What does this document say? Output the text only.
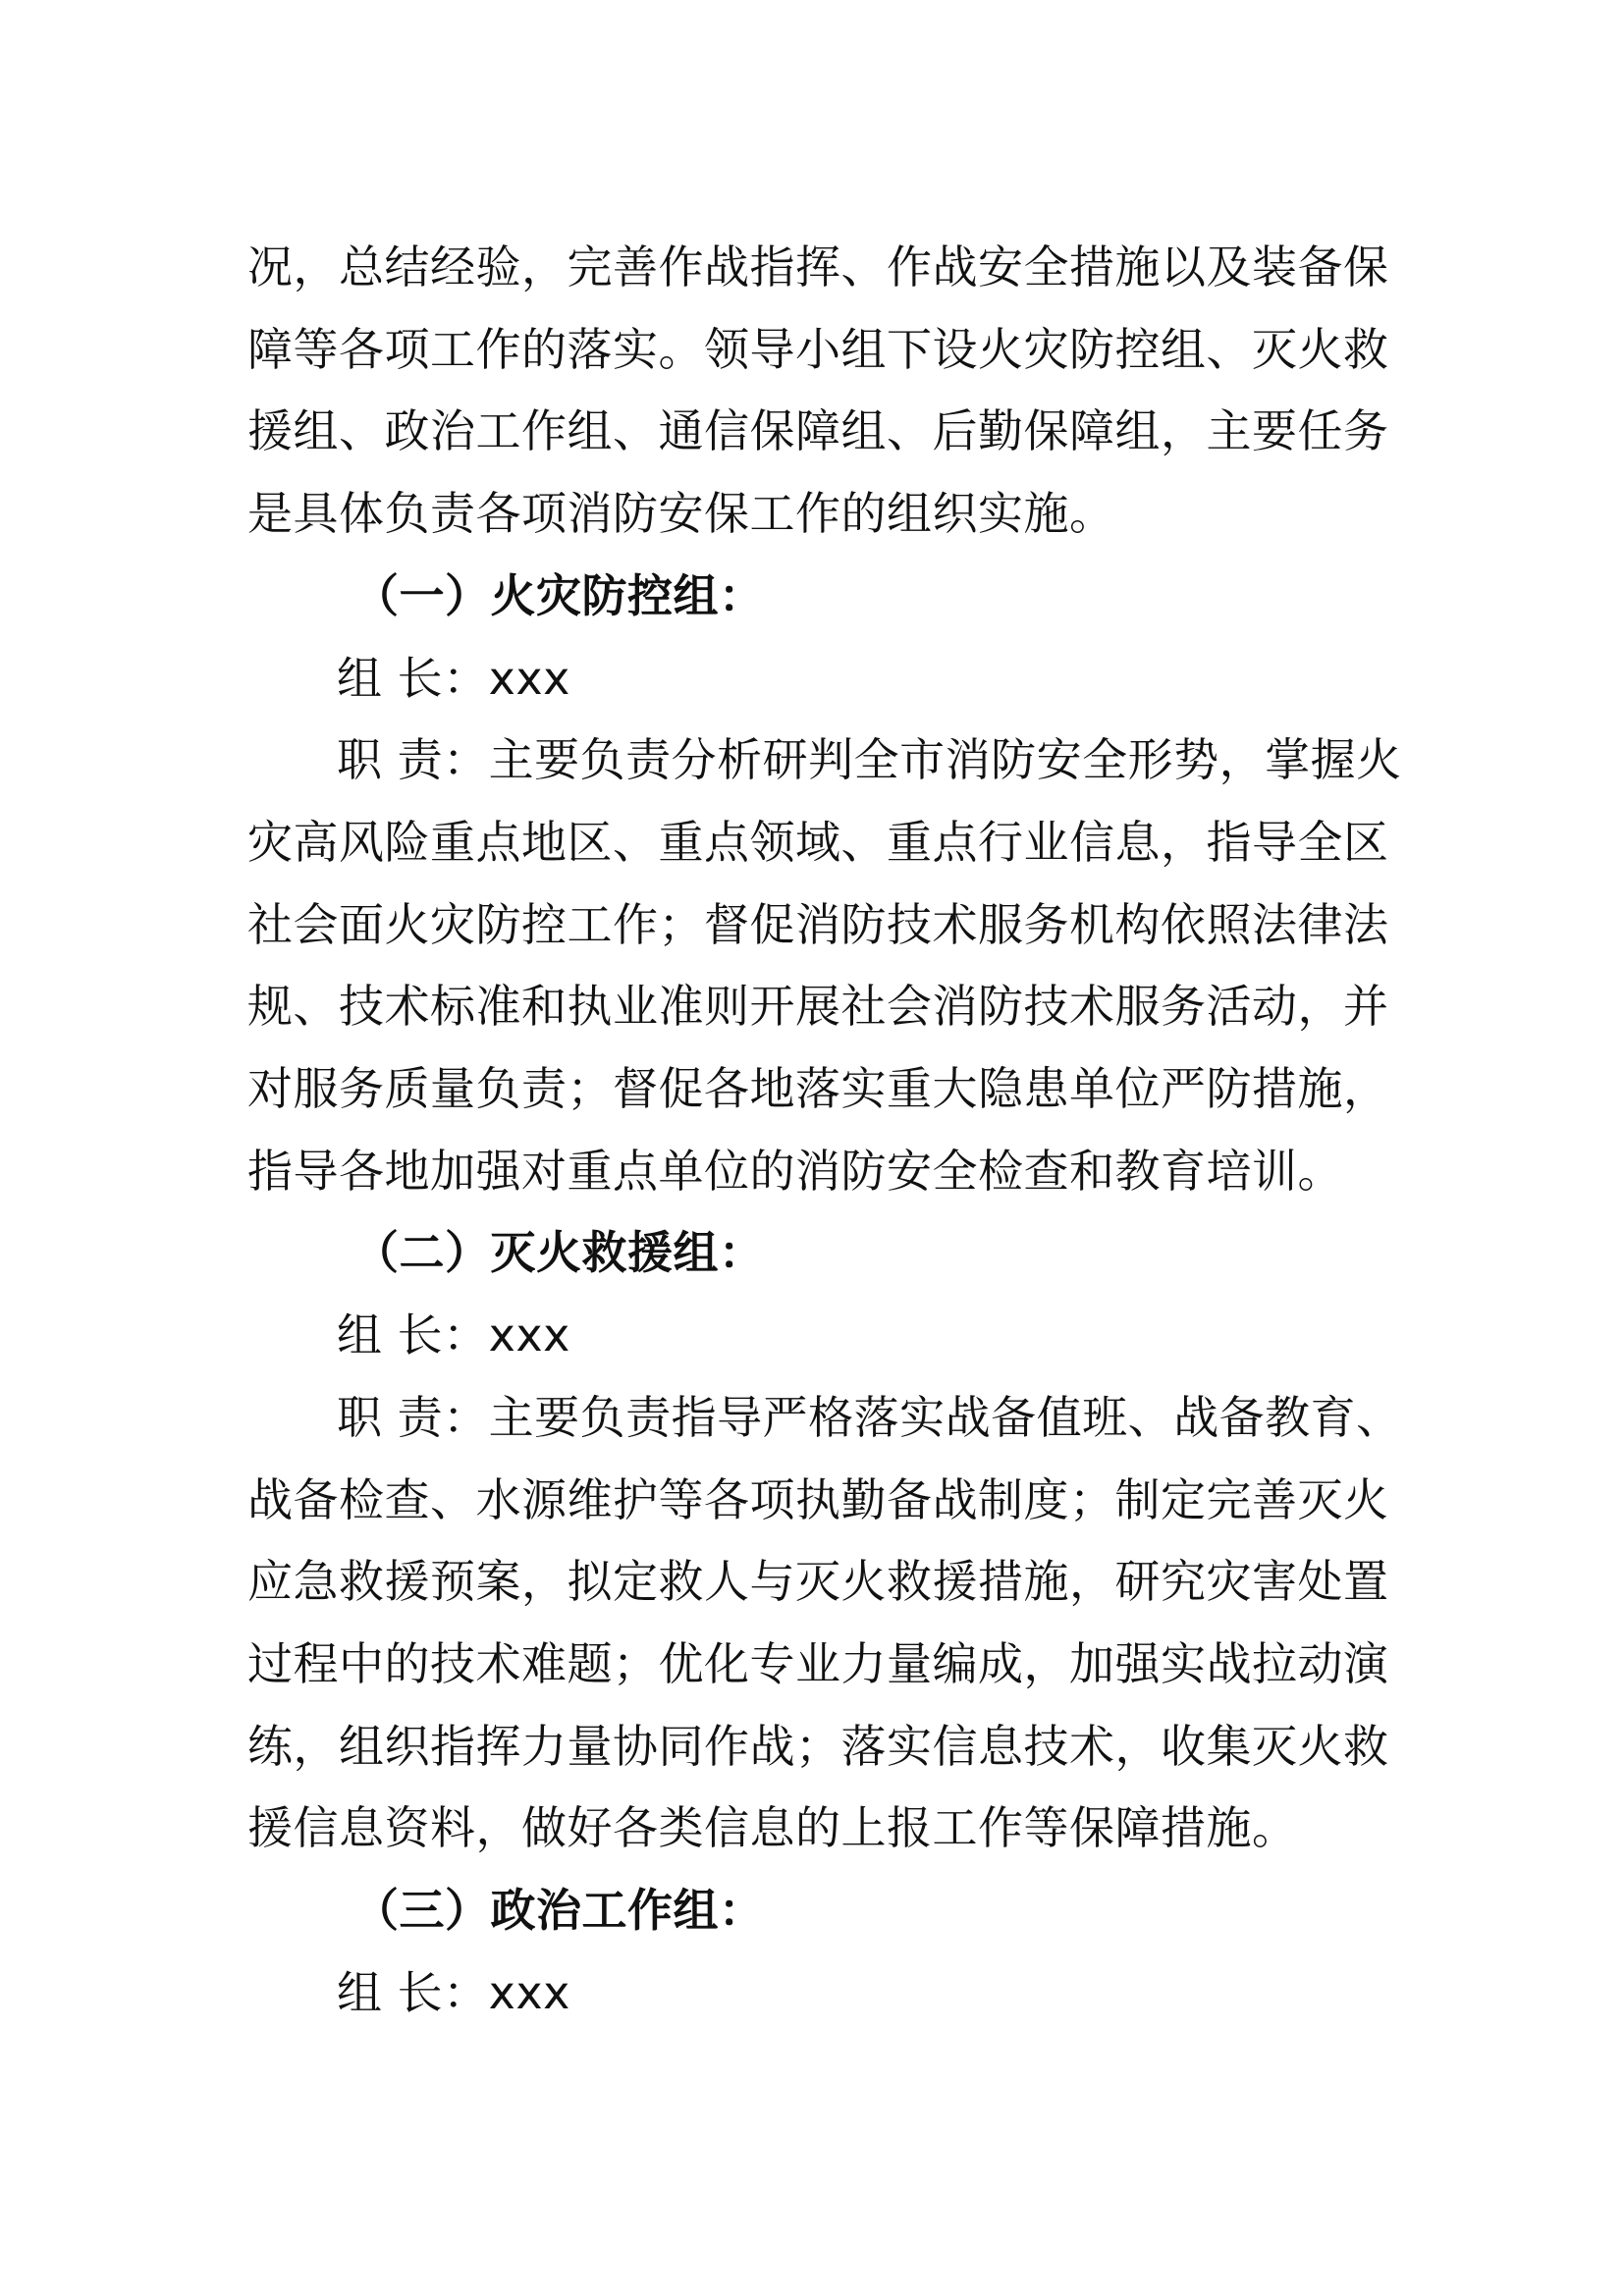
况，总结经验，完善作战指挥、作战安全措施以及装备保
障等各项工作的落实。领导小组下设火灾防控组、灭火救
援组、政治工作组、通信保障组、后勤保障组，主要任务
是具体负责各项消防安保工作的组织实施。
（一）火灾防控组：
组 长：xxx
职 责：主要负责分析研判全市消防安全形势，掌握火
灾高风险重点地区、重点领域、重点行业信息，指导全区
社会面火灾防控工作；督促消防技术服务机构依照法律法
规、技术标准和执业准则开展社会消防技术服务活动，并
对服务质量负责；督促各地落实重大隐患单位严防措施，
指导各地加强对重点单位的消防安全检查和教育培训。
（二）灭火救援组：
组 长：xxx
职 责：主要负责指导严格落实战备值班、战备教育、
战备检查、水源维护等各项执勤备战制度；制定完善灭火
应急救援预案，拟定救人与灭火救援措施，研究灾害处置
过程中的技术难题；优化专业力量编成，加强实战拉动演
练，组织指挥力量协同作战；落实信息技术，收集灭火救
援信息资料，做好各类信息的上报工作等保障措施。
（三）政治工作组：
组 长：xxx
